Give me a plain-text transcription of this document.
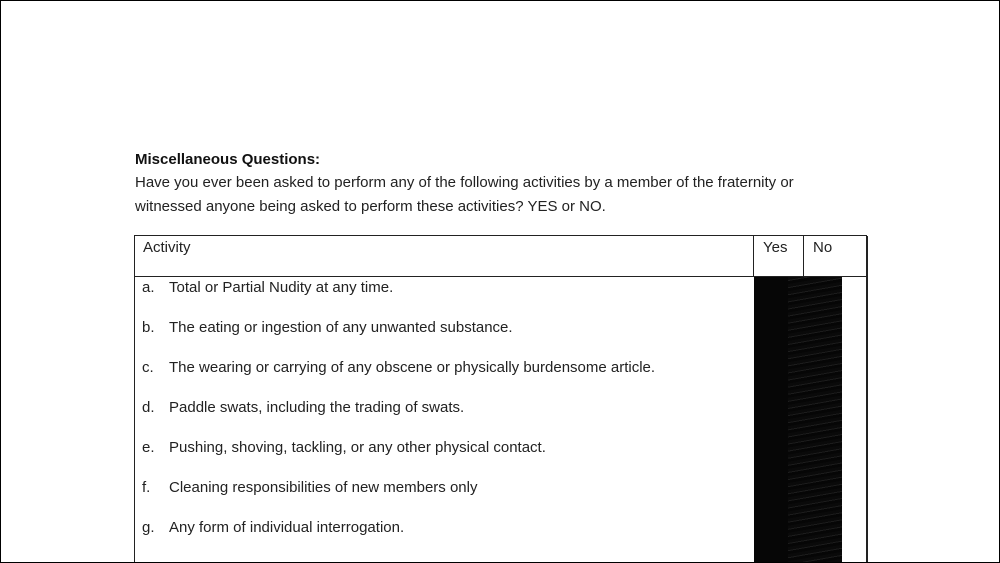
Miscellaneous Questions:
Have you ever been asked to perform any of the following activities by a member of the fraternity or
witnessed anyone being asked to perform these activities? YES or NO.
Activity	Yes No
a. Total or Partial Nudity at any time.
b. The eating or ingestion of any unwanted substance.
c. The wearing or carrying of any obscene or physically burdensome article.
d. Paddle swats, including the trading of swats.
e. Pushing, shoving, tackling, or any other physical contact.
f. Cleaning responsibilities of new members only
g. Any form of individual interrogation.
